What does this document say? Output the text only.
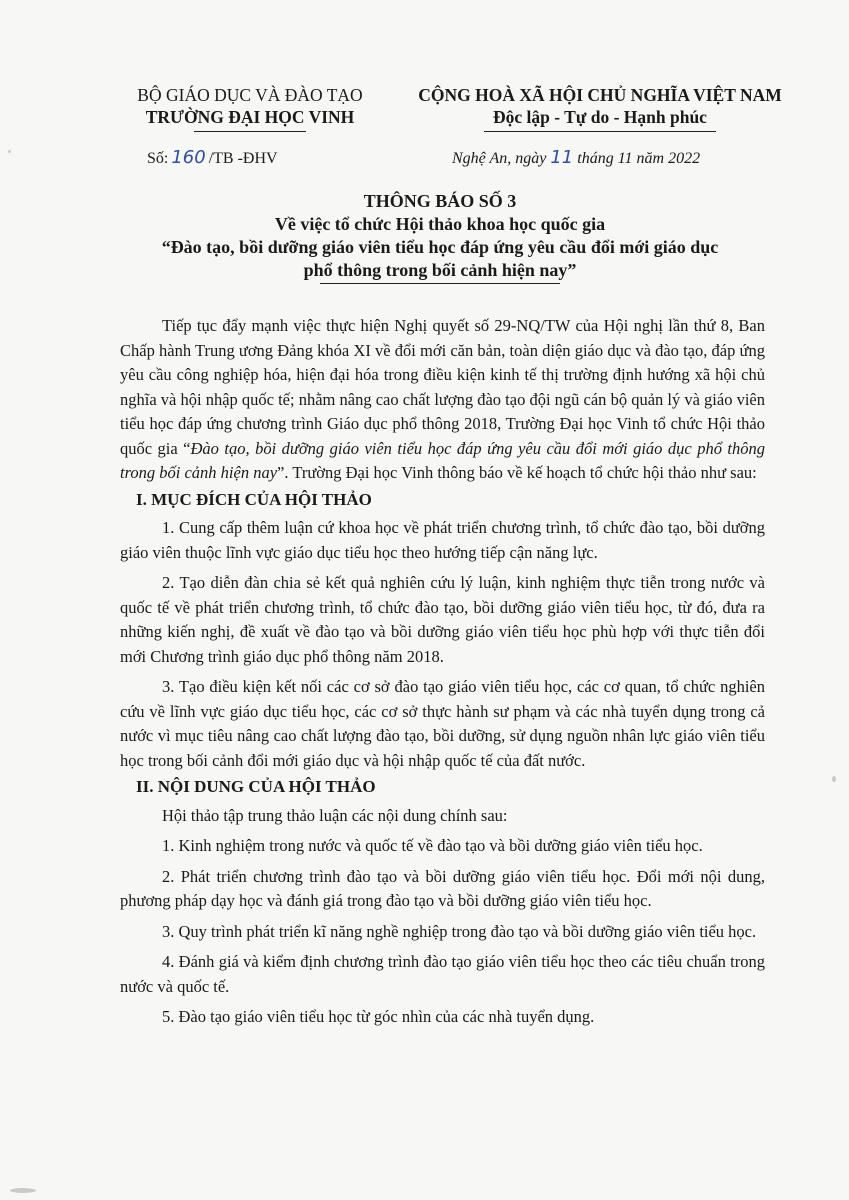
BỘ GIÁO DỤC VÀ ĐÀO TẠO
TRƯỜNG ĐẠI HỌC VINH
CỘNG HOÀ XÃ HỘI CHỦ NGHĨA VIỆT NAM
Độc lập - Tự do - Hạnh phúc
Số: 160 /TB -ĐHV	Nghệ An, ngày 11 tháng 11 năm 2022
THÔNG BÁO SỐ 3
Về việc tổ chức Hội thảo khoa học quốc gia
“Đào tạo, bồi dưỡng giáo viên tiểu học đáp ứng yêu cầu đổi mới giáo dục
phổ thông trong bối cảnh hiện nay”

Tiếp tục đẩy mạnh việc thực hiện Nghị quyết số 29-NQ/TW của Hội nghị lần thứ 8, Ban Chấp hành Trung ương Đảng khóa XI về đổi mới căn bản, toàn diện giáo dục và đào tạo, đáp ứng yêu cầu công nghiệp hóa, hiện đại hóa trong điều kiện kinh tế thị trường định hướng xã hội chủ nghĩa và hội nhập quốc tế; nhằm nâng cao chất lượng đào tạo đội ngũ cán bộ quản lý và giáo viên tiểu học đáp ứng chương trình Giáo dục phổ thông 2018, Trường Đại học Vinh tổ chức Hội thảo quốc gia “Đào tạo, bồi dưỡng giáo viên tiểu học đáp ứng yêu cầu đổi mới giáo dục phổ thông trong bối cảnh hiện nay”. Trường Đại học Vinh thông báo về kế hoạch tổ chức hội thảo như sau:

I. MỤC ĐÍCH CỦA HỘI THẢO

1. Cung cấp thêm luận cứ khoa học về phát triển chương trình, tổ chức đào tạo, bồi dưỡng giáo viên thuộc lĩnh vực giáo dục tiểu học theo hướng tiếp cận năng lực.

2. Tạo diễn đàn chia sẻ kết quả nghiên cứu lý luận, kinh nghiệm thực tiễn trong nước và quốc tế về phát triển chương trình, tổ chức đào tạo, bồi dưỡng giáo viên tiểu học, từ đó, đưa ra những kiến nghị, đề xuất về đào tạo và bồi dưỡng giáo viên tiểu học phù hợp với thực tiễn đổi mới Chương trình giáo dục phổ thông năm 2018.

3. Tạo điều kiện kết nối các cơ sở đào tạo giáo viên tiểu học, các cơ quan, tổ chức nghiên cứu về lĩnh vực giáo dục tiểu học, các cơ sở thực hành sư phạm và các nhà tuyển dụng trong cả nước vì mục tiêu nâng cao chất lượng đào tạo, bồi dưỡng, sử dụng nguồn nhân lực giáo viên tiểu học trong bối cảnh đổi mới giáo dục và hội nhập quốc tế của đất nước.

II. NỘI DUNG CỦA HỘI THẢO

Hội thảo tập trung thảo luận các nội dung chính sau:

1. Kinh nghiệm trong nước và quốc tế về đào tạo và bồi dưỡng giáo viên tiểu học.

2. Phát triển chương trình đào tạo và bồi dưỡng giáo viên tiểu học. Đổi mới nội dung, phương pháp dạy học và đánh giá trong đào tạo và bồi dưỡng giáo viên tiểu học.

3. Quy trình phát triển kĩ năng nghề nghiệp trong đào tạo và bồi dưỡng giáo viên tiểu học.

4. Đánh giá và kiểm định chương trình đào tạo giáo viên tiểu học theo các tiêu chuẩn trong nước và quốc tế.

5. Đào tạo giáo viên tiểu học từ góc nhìn của các nhà tuyển dụng.
